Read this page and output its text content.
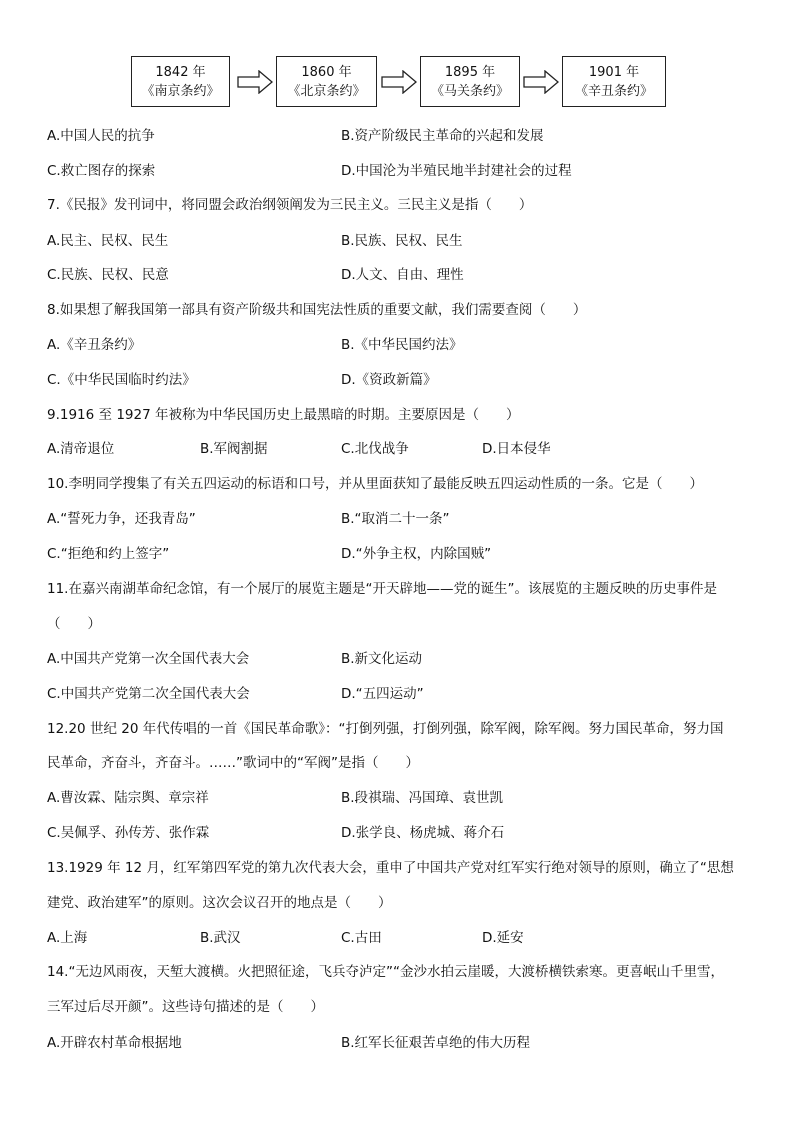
1842 年
《南京条约》
1860 年
《北京条约》
1895 年
《马关条约》
1901 年
《辛丑条约》
A.中国人民的抗争	B.资产阶级民主革命的兴起和发展
C.救亡图存的探索	D.中国沦为半殖民地半封建社会的过程
7.《民报》发刊词中，将同盟会政治纲领阐发为三民主义。三民主义是指（　　）
A.民主、民权、民生	B.民族、民权、民生
C.民族、民权、民意	D.人文、自由、理性
8.如果想了解我国第一部具有资产阶级共和国宪法性质的重要文献，我们需要查阅（　　）
A.《辛丑条约》	B.《中华民国约法》
C.《中华民国临时约法》	D.《资政新篇》
9.1916 至 1927 年被称为中华民国历史上最黑暗的时期。主要原因是（　　）
A.清帝退位	B.军阀割据	C.北伐战争	D.日本侵华
10.李明同学搜集了有关五四运动的标语和口号，并从里面获知了最能反映五四运动性质的一条。它是（　　）
A.“誓死力争，还我青岛”	B.“取消二十一条”
C.“拒绝和约上签字”	D.“外争主权，内除国贼”
11.在嘉兴南湖革命纪念馆，有一个展厅的展览主题是“开天辟地——党的诞生”。该展览的主题反映的历史事件是
（　　）
A.中国共产党第一次全国代表大会	B.新文化运动
C.中国共产党第二次全国代表大会	D.“五四运动”
12.20 世纪 20 年代传唱的一首《国民革命歌》：“打倒列强，打倒列强，除军阀，除军阀。努力国民革命，努力国
民革命，齐奋斗，齐奋斗。……”歌词中的“军阀”是指（　　）
A.曹汝霖、陆宗舆、章宗祥	B.段祺瑞、冯国璋、袁世凯
C.吴佩孚、孙传芳、张作霖	D.张学良、杨虎城、蒋介石
13.1929 年 12 月，红军第四军党的第九次代表大会，重申了中国共产党对红军实行绝对领导的原则，确立了“思想
建党、政治建军”的原则。这次会议召开的地点是（　　）
A.上海	B.武汉	C.古田	D.延安
14.“无边风雨夜，天堑大渡横。火把照征途，飞兵夺泸定”“金沙水拍云崖暖，大渡桥横铁索寒。更喜岷山千里雪，
三军过后尽开颜”。这些诗句描述的是（　　）
A.开辟农村革命根据地	B.红军长征艰苦卓绝的伟大历程
